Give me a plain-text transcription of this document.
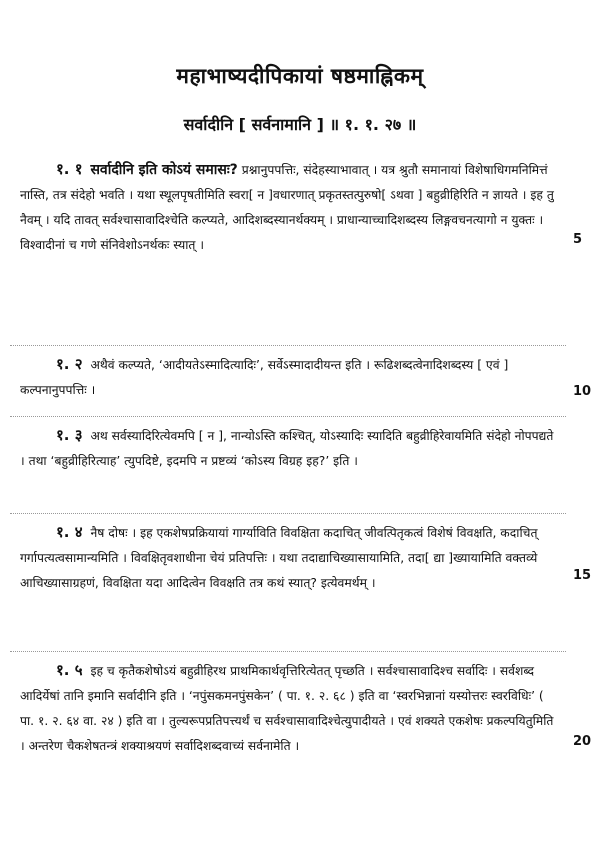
महाभाष्यदीपिकायां षष्ठमाह्निकम्
सर्वादीनि [ सर्वनामानि ] ॥ १. १. २७ ॥
१. १ सर्वादीनि इति कोऽयं समासः? प्रश्नानुपपत्तिः, संदेहस्याभावात् । यत्र श्रुतौ समानायां विशेषाधिगमनिमित्तं नास्ति, तत्र संदेहो भवति । यथा स्थूलपृषतीमिति स्वरा[ न ]वधारणात् प्रकृतस्तत्पुरुषो[ ऽथवा ] बहुव्रीहिरिति न ज्ञायते । इह तु नैवम् । यदि तावत् सर्वश्चासावादिश्चेति कल्प्यते, आदिशब्दस्यानर्थक्यम् । प्राधान्याच्चादिशब्दस्य लिङ्गवचनत्यागो न युक्तः । विश्वादीनां च गणे संनिवेशोऽनर्थकः स्यात् ।
१. २ अथैवं कल्प्यते, ‘आदीयतेऽस्मादित्यादिः’, सर्वेऽस्मादादीयन्त इति । रूढिशब्दत्वेनादिशब्दस्य [ एवं ] कल्पनानुपपत्तिः ।
१. ३ अथ सर्वस्यादिरित्येवमपि [ न ], नान्योऽस्ति कश्चित्, योऽस्यादिः स्यादिति बहुव्रीहिरेवायमिति संदेहो नोपपद्यते । तथा ‘बहुव्रीहिरित्याह’ त्युपदिष्टे, इदमपि न प्रष्टव्यं ‘कोऽस्य विग्रह इह?’ इति ।
१. ४ नैष दोषः । इह एकशेषप्रक्रियायां गार्ग्याविति विवक्षिता कदाचित् जीवत्पितृकत्वं विशेषं विवक्षति, कदाचित् गर्गापत्यत्वसामान्यमिति । विवक्षितृवशाधीना चेयं प्रतिपत्तिः । यथा तदाद्याचिख्यासायामिति, तदा[ द्या ]ख्यायामिति वक्तव्ये आचिख्यासाग्रहणं, विवक्षिता यदा आदित्वेन विवक्षति तत्र कथं स्यात्? इत्येवमर्थम् ।
१. ५ इह च कृतैकशेषोऽयं बहुव्रीहिरथ प्राथमिकार्थवृत्तिरित्येतत् पृच्छति । सर्वश्चासावादिश्च सर्वादिः । सर्वशब्द आदिर्येषां तानि इमानि सर्वादीनि इति । ‘नपुंसकमनपुंसकेन’ ( पा. १. २. ६८ ) इति वा ‘स्वरभिन्नानां यस्योत्तरः स्वरविधिः’ ( पा. १. २. ६४ वा. २४ ) इति वा । तुल्यरूपप्रतिपत्त्यर्थं च सर्वश्चासावादिश्चेत्युपादीयते । एवं शक्यते एकशेषः प्रकल्पयितुमिति । अन्तरेण चैकशेषतन्त्रं शक्याश्रयणं सर्वादिशब्दवाच्यं सर्वनामेति ।
5
10
15
20
